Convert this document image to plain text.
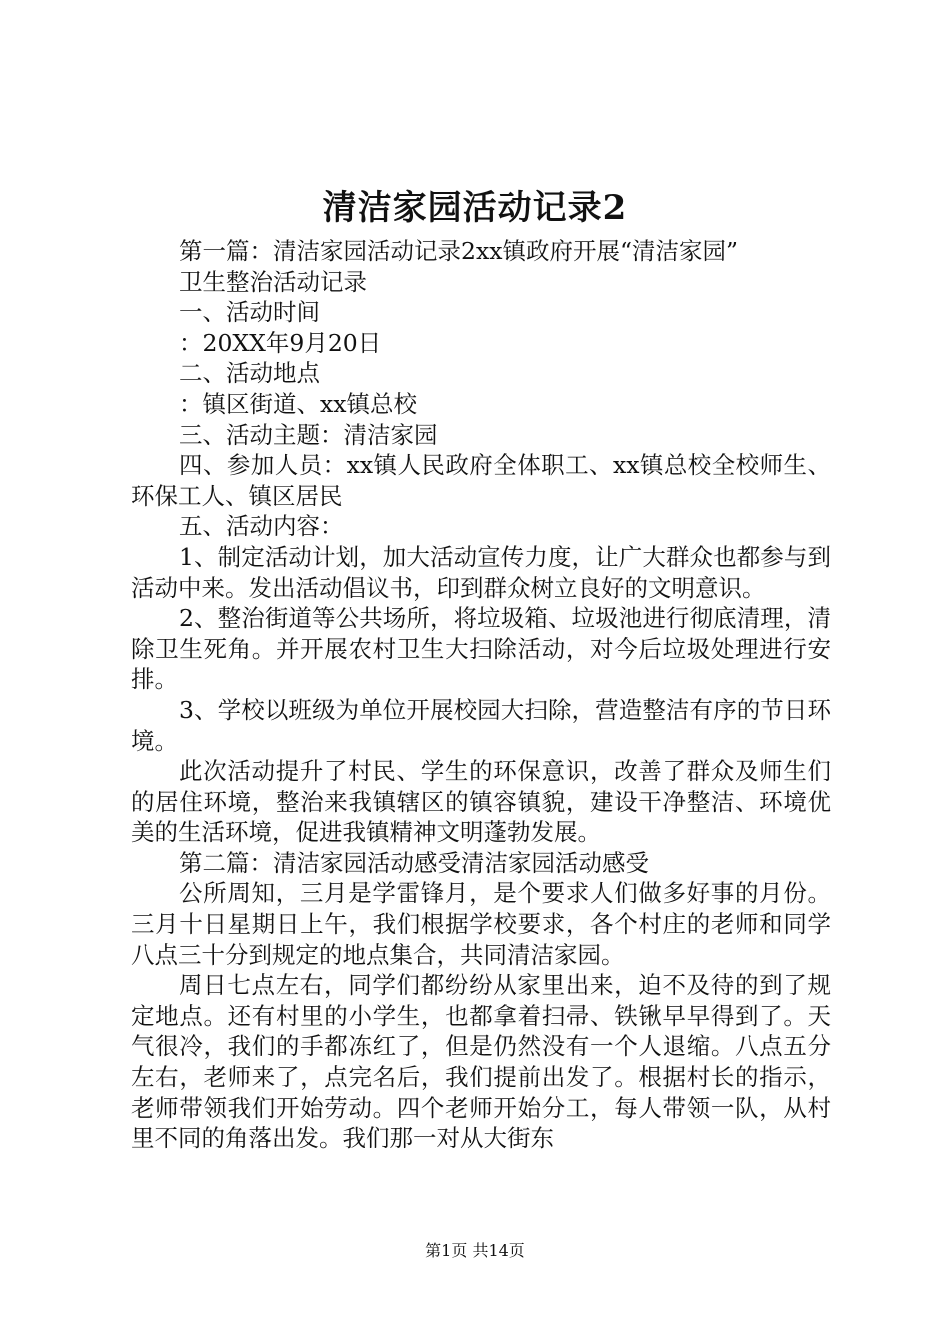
清洁家园活动记录2

第一篇：清洁家园活动记录2xx镇政府开展“清洁家园”

卫生整治活动记录

一、活动时间

：20XX年9月20日

二、活动地点

：镇区街道、xx镇总校

三、活动主题：清洁家园

四、参加人员：xx镇人民政府全体职工、xx镇总校全校师生、环保工人、镇区居民

五、活动内容：

1、制定活动计划，加大活动宣传力度，让广大群众也都参与到活动中来。发出活动倡议书，印到群众树立良好的文明意识。

2、整治街道等公共场所，将垃圾箱、垃圾池进行彻底清理，清除卫生死角。并开展农村卫生大扫除活动，对今后垃圾处理进行安排。

3、学校以班级为单位开展校园大扫除，营造整洁有序的节日环境。

此次活动提升了村民、学生的环保意识，改善了群众及师生们的居住环境，整治来我镇辖区的镇容镇貌，建设干净整洁、环境优美的生活环境，促进我镇精神文明蓬勃发展。

第二篇：清洁家园活动感受清洁家园活动感受

公所周知，三月是学雷锋月，是个要求人们做多好事的月份。三月十日星期日上午，我们根据学校要求，各个村庄的老师和同学八点三十分到规定的地点集合，共同清洁家园。

周日七点左右，同学们都纷纷从家里出来，迫不及待的到了规定地点。还有村里的小学生，也都拿着扫帚、铁锹早早得到了。天气很冷，我们的手都冻红了，但是仍然没有一个人退缩。八点五分左右，老师来了，点完名后，我们提前出发了。根据村长的指示，老师带领我们开始劳动。四个老师开始分工，每人带领一队，从村里不同的角落出发。我们那一对从大街东

第1页 共14页
